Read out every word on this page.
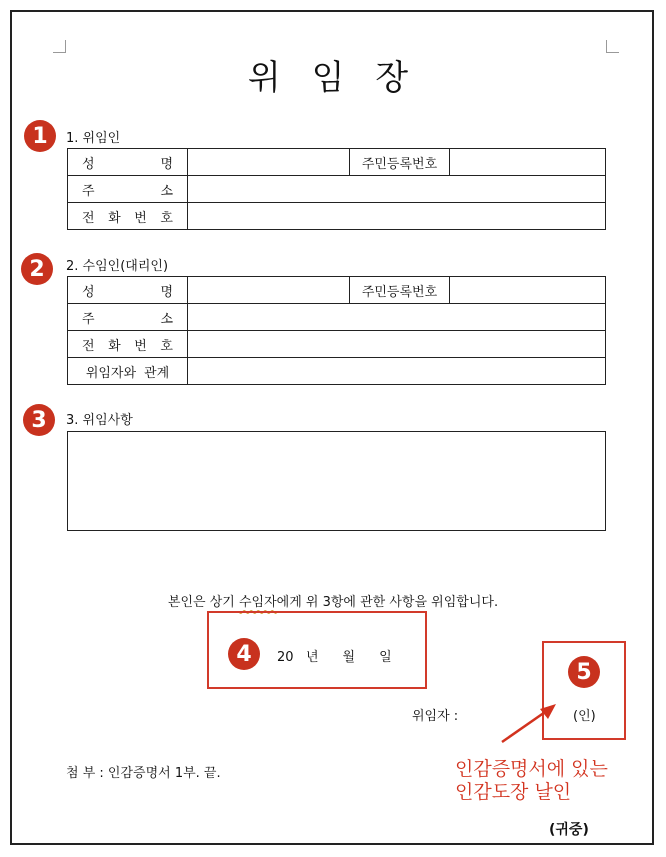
위 임 장
1	1. 위임인
성 명		주민등록번호	

주 소			

전 화 번 호			

2	2. 수임인(대리인)
성 명		주민등록번호	

주 소			

전 화 번 호			

위임자와 관계			

3	3. 위임사항
본인은 상기 수임자에게 위 3항에 관한 사항을 위임합니다.
4	20 년 월 일
5
위임자 :	(인)
첨 부 : 인감증명서 1부. 끝.	인감증명서에 있는
인감도장 날인
(귀중)
